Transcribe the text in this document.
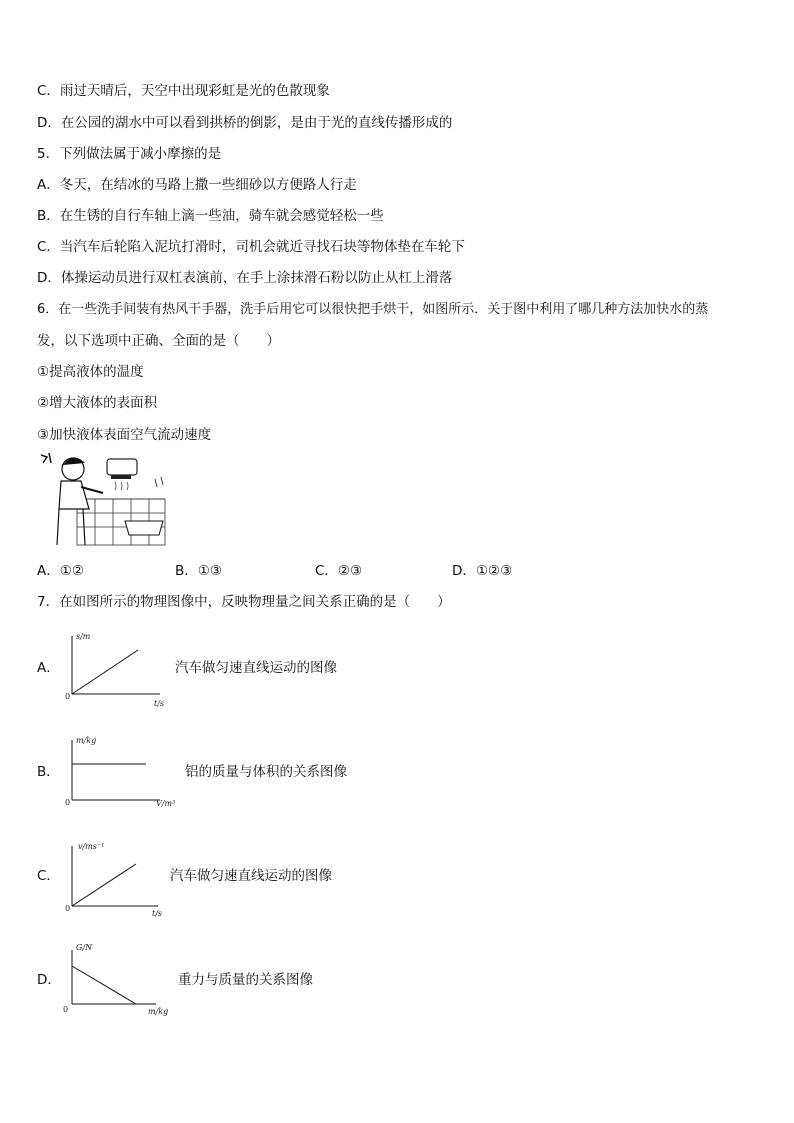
C．雨过天晴后，天空中出现彩虹是光的色散现象
D．在公园的湖水中可以看到拱桥的倒影，是由于光的直线传播形成的
5．下列做法属于减小摩擦的是
A．冬天，在结冰的马路上撒一些细砂以方便路人行走
B．在生锈的自行车轴上滴一些油，骑车就会感觉轻松一些
C．当汽车后轮陷入泥坑打滑时，司机会就近寻找石块等物体垫在车轮下
D．体操运动员进行双杠表演前，在手上涂抹滑石粉以防止从杠上滑落
6．在一些洗手间装有热风干手器，洗手后用它可以很快把手烘干，如图所示．关于图中利用了哪几种方法加快水的蒸
发，以下选项中正确、全面的是（　　）
①提高液体的温度
②增大液体的表面积
③加快液体表面空气流动速度
A．①②	B．①③	C．②③	D．①②③
7．在如图所示的物理图像中，反映物理量之间关系正确的是（　　）
A．
s/m
t/s
0
汽车做匀速直线运动的图像
B．
m/kg
V/m³
0
铝的质量与体积的关系图像
C．
v/ms⁻¹
t/s
0
汽车做匀速直线运动的图像
D．
G/N
m/kg
0
重力与质量的关系图像
